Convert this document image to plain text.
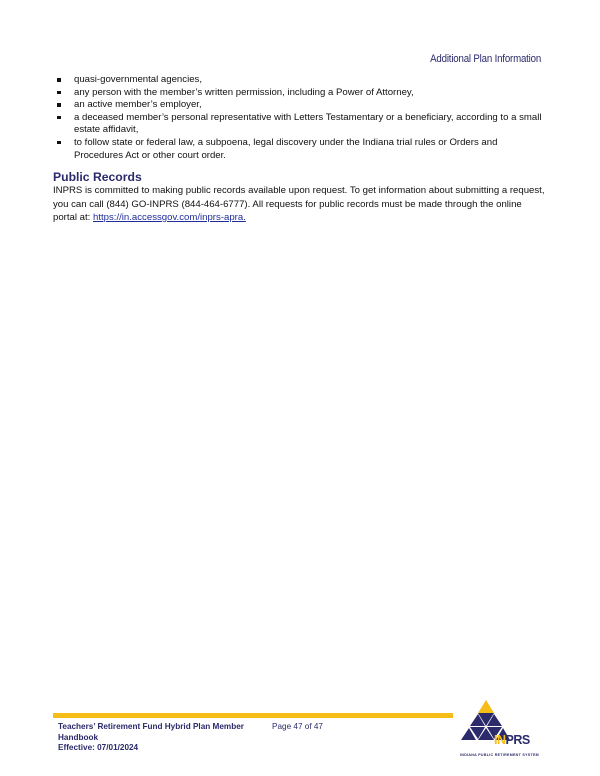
Additional Plan Information
quasi-governmental agencies,
any person with the member’s written permission, including a Power of Attorney,
an active member’s employer,
a deceased member’s personal representative with Letters Testamentary or a beneficiary, according to a small estate affidavit,
to follow state or federal law, a subpoena, legal discovery under the Indiana trial rules or Orders and Procedures Act or other court order.
Public Records
INPRS is committed to making public records available upon request. To get information about submitting a request, you can call (844) GO-INPRS (844-464-6777). All requests for public records must be made through the online portal at: https://in.accessgov.com/inprs-apra.
Teachers’ Retirement Fund Hybrid Plan Member
Handbook
Effective: 07/01/2024
Page 47 of 47
INPRS
INDIANA PUBLIC RETIREMENT SYSTEM
